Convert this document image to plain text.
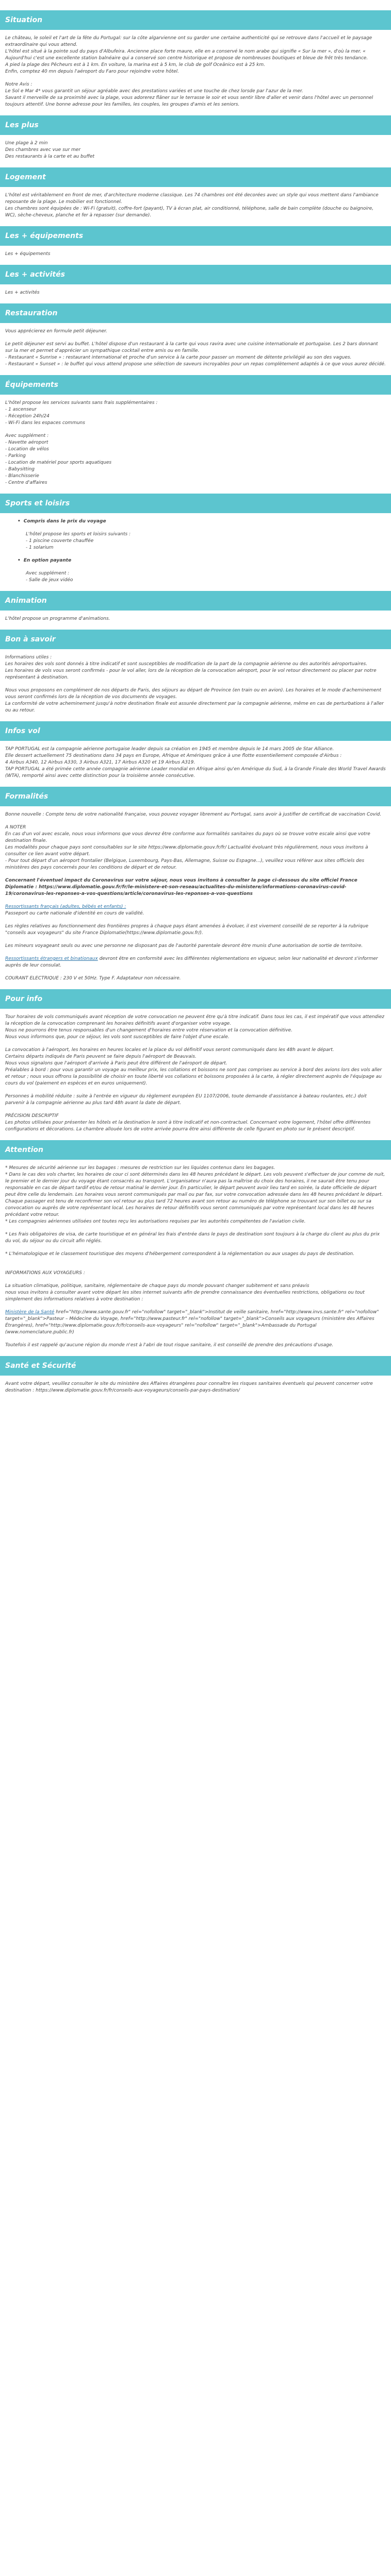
Situation
Le château, le soleil et l'art de la fête du Portugal: sur la côte algarvienne ont su garder une certaine authenticité qui se retrouve dans l'accueil et le paysage extraordinaire qui vous attend.
L'hôtel est situé à la pointe sud du pays d'Albufeira. Ancienne place forte maure, elle en a conservé le nom arabe qui signifie « Sur la mer », d'où la mer. « Aujourd'hui c'est une excellente station balnéaire qui a conservé son centre historique et propose de nombreuses boutiques et bleue de frêt très tendance.
A pied la plage des Pêcheurs est à 1 km. En voiture, la marina est à 5 km, le club de golf Oceânico est à 25 km.
Enfin, comptez 40 mn depuis l'aéroport du Faro pour rejoindre votre hôtel.
Notre Avis :
Le Sol e Mar 4* vous garantit un séjour agréable avec des prestations variées et une touche de chez lorsde par l'azur de la mer.
Savant il merveille de sa proximité avec la plage, vous adorerez flâner sur le terrasse le soir et vous sentir libre d'aller et venir dans l'hôtel avec un personnel toujours attentif. Une bonne adresse pour les familles, les couples, les groupes d'amis et les seniors.
Les plus
Une plage à 2 min
Des chambres avec vue sur mer
Des restaurants à la carte et au buffet
Logement
L'hôtel est véritablement en front de mer, d'architecture moderne classique. Les 74 chambres ont été decorées avec un style qui vous mettent dans l'ambiance reposante de la plage. Le mobilier est fonctionnel.
Les chambres sont équipées de : Wi-Fi (gratuit), coffre-fort (payant), TV à écran plat, air conditionné, téléphone, salle de bain complète (douche ou baignoire, WC), sèche-cheveux, planche et fer à repasser (sur demande).
Les + équipements
Les + équipements
Les + activités
Les + activités
Restauration
Vous apprécierez en formule petit déjeuner.
Le petit déjeuner est servi au buffet. L'hôtel dispose d'un restaurant à la carte qui vous ravira avec une cuisine internationale et portugaise. Les 2 bars donnant sur la mer et permet d'apprécier un sympathique cocktail entre amis ou en famille.
- Restaurant « Sunrise » : restaurant international et proche d'un service à la carte pour passer un moment de détente privilégié au son des vagues.
- Restaurant « Sunset » : le buffet qui vous attend propose une sélection de saveurs incroyables pour un repas complètement adaptés à ce que vous aurez décidé.
Équipements
L'hôtel propose les services suivants sans frais supplémentaires :
- 1 ascenseur
- Réception 24h/24
- Wi-Fi dans les espaces communs
Avec supplément :
- Navette aéroport
- Location de vélos
- Parking
- Location de matériel pour sports aquatiques
- Babysitting
- Blanchisserie
- Centre d'affaires
Sports et loisirs
• Compris dans le prix du voyage
L'hôtel propose les sports et loisirs suivants :
- 1 piscine couverte chauffée
- 1 solarium
• En option payante
Avec supplément :
- Salle de jeux vidéo
Animation
L'hôtel propose un programme d'animations.
Bon à savoir
Informations utiles :
Les horaires des vols sont donnés à titre indicatif et sont susceptibles de modification de la part de la compagnie aérienne ou des autorités aéroportuaires.
Les horaires de vols vous seront confirmés - pour le vol aller, lors de la réception de la convocation aéroport, pour le vol retour directement ou placer par notre représentant à destination.
Nous vous proposons en complément de nos départs de Paris, des séjours au départ de Province (en train ou en avion). Les horaires et le mode d'acheminement vous seront confirmés lors de la réception de vos documents de voyages.
La conformité de votre acheminement jusqu'à notre destination finale est assurée directement par la compagnie aérienne, même en cas de perturbations à l'aller ou au retour.
Infos vol
TAP PORTUGAL est la compagnie aérienne portugaise leader depuis sa création en 1945 et membre depuis le 14 mars 2005 de Star Alliance.
Elle dessert actuellement 75 destinations dans 34 pays en Europe, Afrique et Amériques grâce à une flotte essentiellement composée d'Airbus :
4 Airbus A340, 12 Airbus A330, 3 Airbus A321, 17 Airbus A320 et 19 Airbus A319.
TAP PORTUGAL a été primée cette année compagnie aérienne Leader mondial en Afrique ainsi qu'en Amérique du Sud, à la Grande Finale des World Travel Awards (WTA), remporté ainsi avec cette distinction pour la troisième année consécutive.
Formalités
Bonne nouvelle : Compte tenu de votre nationalité française, vous pouvez voyager librement au Portugal, sans avoir à justifier de certificat de vaccination Covid.
A NOTER
En cas d'un vol avec escale, nous vous informons que vous devrez être conforme aux formalités sanitaires du pays où se trouve votre escale ainsi que votre destination finale.
Les modalités pour chaque pays sont consultables sur le site https://www.diplomatie.gouv.fr/fr/ Lactualité évoluant très régulièrement, nous vous invitons à consulter ce lien avant votre départ.
- Pour tout départ d'un aéroport frontalier (Belgique, Luxembourg, Pays-Bas, Allemagne, Suisse ou Espagne...), veuillez vous référer aux sites officiels des ministères des pays concernés pour les conditions de départ et de retour.
Concernant l'éventuel impact du Coronavirus sur votre séjour, nous vous invitons à consulter la page ci-dessous du site officiel France Diplomatie : https://www.diplomatie.gouv.fr/fr/le-ministere-et-son-reseau/actualites-du-ministere/informations-coronavirus-covid-19/coronavirus-les-reponses-a-vos-questions/article/coronavirus-les-reponses-a-vos-questions
Ressortissants français (adultes, bébés et enfants) :
Passeport ou carte nationale d'identité en cours de validité.
Les règles relatives au fonctionnement des frontières propres à chaque pays étant amenées à évoluer, il est vivement conseillé de se reporter à la rubrique "conseils aux voyageurs" du site France Diplomatie(https://www.diplomatie.gouv.fr/).
Les mineurs voyageant seuls ou avec une personne ne disposant pas de l'autorité parentale devront être munis d'une autorisation de sortie de territoire.
Ressortissants étrangers et binationaux devront être en conformité avec les différentes réglementations en vigueur, selon leur nationalité et devront s'informer auprès de leur consulat.
COURANT ELECTRIQUE : 230 V et 50Hz. Type F. Adaptateur non nécessaire.
Pour info
Tour horaires de vols communiqués avant réception de votre convocation ne peuvent être qu'à titre indicatif. Dans tous les cas, il est impératif que vous attendiez la réception de la convocation comprenant les horaires définitifs avant d'organiser votre voyage.
Nous ne pourrons être tenus responsables d'un changement d'horaires entre votre réservation et la convocation définitive.
Nous vous informons que, pour ce séjour, les vols sont susceptibles de faire l'objet d'une escale.
La convocation à l'aéroport, les horaires en heures locales et la place du vol définitif vous seront communiqués dans les 48h avant le départ.
Certains départs indiqués de Paris peuvent se faire depuis l'aéroport de Beauvais.
Nous vous signalons que l'aéroport d'arrivée à Paris peut être différent de l'aéroport de départ.
Préalables à bord : pour vous garantir un voyage au meilleur prix, les collations et boissons ne sont pas comprises au service à bord des avions lors des vols aller et retour ; nous vous offrons la possibilité de choisir en toute liberté vos collations et boissons proposées à la carte, à régler directement auprès de l'équipage au cours du vol (paiement en espèces et en euros uniquement).
Personnes à mobilité réduite : suite à l'entrée en vigueur du règlement européen EU 1107/2006, toute demande d'assistance à bateau roulantes, etc.) doit parvenir à la compagnie aérienne au plus tard 48h avant la date de départ.
PRÉCISION DESCRIPTIF
Les photos utilisées pour présenter les hôtels et la destination le sont à titre indicatif et non-contractuel. Concernant votre logement, l'hôtel offre différentes configurations et décorations. La chambre allouée lors de votre arrivée pourra être ainsi différente de celle figurant en photo sur le présent descriptif.
Attention
* Mesures de sécurité aérienne sur les bagages : mesures de restriction sur les liquides contenus dans les bagages.
* Dans le cas des vols charter, les horaires de cour ci sont déterminés dans les 48 heures précédant le départ. Les vols peuvent s'effectuer de jour comme de nuit, le premier et le dernier jour du voyage étant consacrés au transport. L'organisateur n'aura pas la maîtrise du choix des horaires, il ne saurait être tenu pour responsable en cas de départ tardif et/ou de retour matinal le dernier jour. En particulier, le départ peuvent avoir lieu tard en soirée, la date officielle de départ peut être celle du lendemain. Les horaires vous seront communiqués par mail ou par fax, sur votre convocation adressée dans les 48 heures précédant le départ. Chaque passager est tenu de reconfirmer son vol retour au plus tard 72 heures avant son retour au numéro de téléphone se trouvant sur son billet ou sur sa convocation ou auprès de votre représentant local. Les horaires de retour définitifs vous seront communiqués par votre représentant local dans les 48 heures précédant votre retour.
* Les compagnies aériennes utilisées ont toutes reçu les autorisations requises par les autorités compétentes de l'aviation civile.
* Les frais obligatoires de visa, de carte touristique et en général les frais d'entrée dans le pays de destination sont toujours à la charge du client au plus du prix du vol, du séjour ou du circuit afin réglés.
* L'hématologique et le classement touristique des moyens d'hébergement correspondent à la réglementation ou aux usages du pays de destination.
INFORMATIONS AUX VOYAGEURS :
La situation climatique, politique, sanitaire, réglementaire de chaque pays du monde pouvant changer subitement et sans préavis
nous vous invitons à consulter avant votre départ les sites internet suivants afin de prendre connaissance des éventuelles restrictions, obligations ou tout simplement des informations relatives à votre destination :
Ministère de la Santé href="http://www.sante.gouv.fr" rel="nofollow" target="_blank">Institut de veille sanitaire, href="http://www.invs.sante.fr" rel="nofollow" target="_blank">Pasteur – Médecine du Voyage, href="http://www.pasteur.fr" rel="nofollow" target="_blank">Conseils aux voyageurs (ministère des Affaires Étrangères), href="http://www.diplomatie.gouv.fr/fr/conseils-aux-voyageurs" rel="nofollow" target="_blank">Ambassade du Portugal (www.nomenclature.public.fr)
Toutefois il est rappelé qu'aucune région du monde n'est à l'abri de tout risque sanitaire, il est conseillé de prendre des précautions d'usage.
Santé et Sécurité
Avant votre départ, veuillez consulter le site du ministère des Affaires étrangères pour connaître les risques sanitaires éventuels qui peuvent concerner votre destination : https://www.diplomatie.gouv.fr/fr/conseils-aux-voyageurs/conseils-par-pays-destination/
